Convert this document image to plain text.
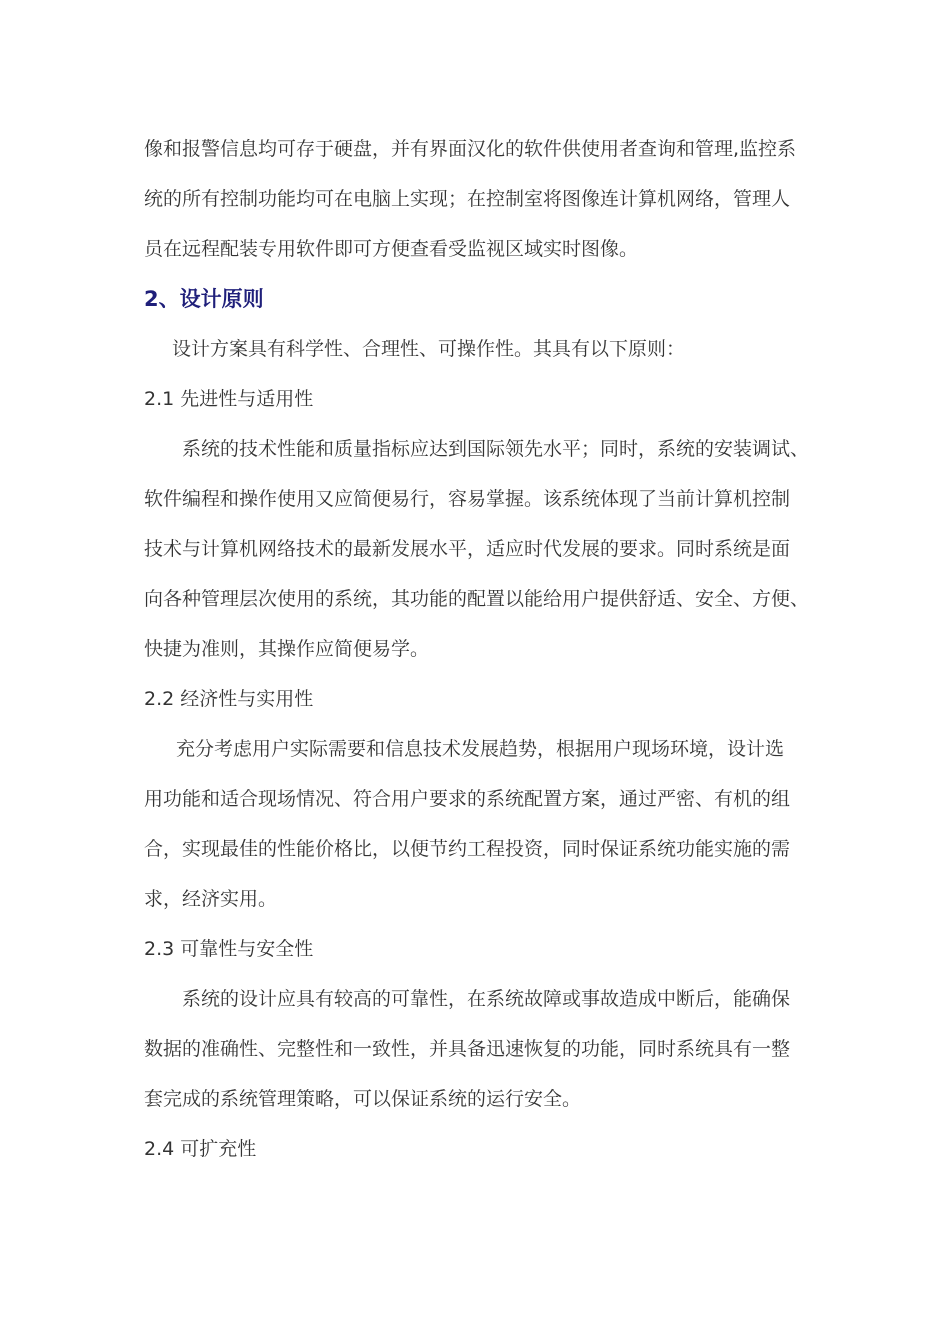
像和报警信息均可存于硬盘，并有界面汉化的软件供使用者查询和管理,监控系
统的所有控制功能均可在电脑上实现；在控制室将图像连计算机网络，管理人
员在远程配装专用软件即可方便查看受监视区域实时图像。
2、设计原则
设计方案具有科学性、合理性、可操作性。其具有以下原则：
2.1 先进性与适用性
系统的技术性能和质量指标应达到国际领先水平；同时，系统的安装调试、
软件编程和操作使用又应简便易行，容易掌握。该系统体现了当前计算机控制
技术与计算机网络技术的最新发展水平，适应时代发展的要求。同时系统是面
向各种管理层次使用的系统，其功能的配置以能给用户提供舒适、安全、方便、
快捷为准则，其操作应简便易学。
2.2 经济性与实用性
充分考虑用户实际需要和信息技术发展趋势，根据用户现场环境，设计选
用功能和适合现场情况、符合用户要求的系统配置方案，通过严密、有机的组
合，实现最佳的性能价格比，以便节约工程投资，同时保证系统功能实施的需
求，经济实用。
2.3 可靠性与安全性
系统的设计应具有较高的可靠性，在系统故障或事故造成中断后，能确保
数据的准确性、完整性和一致性，并具备迅速恢复的功能，同时系统具有一整
套完成的系统管理策略，可以保证系统的运行安全。
2.4 可扩充性
